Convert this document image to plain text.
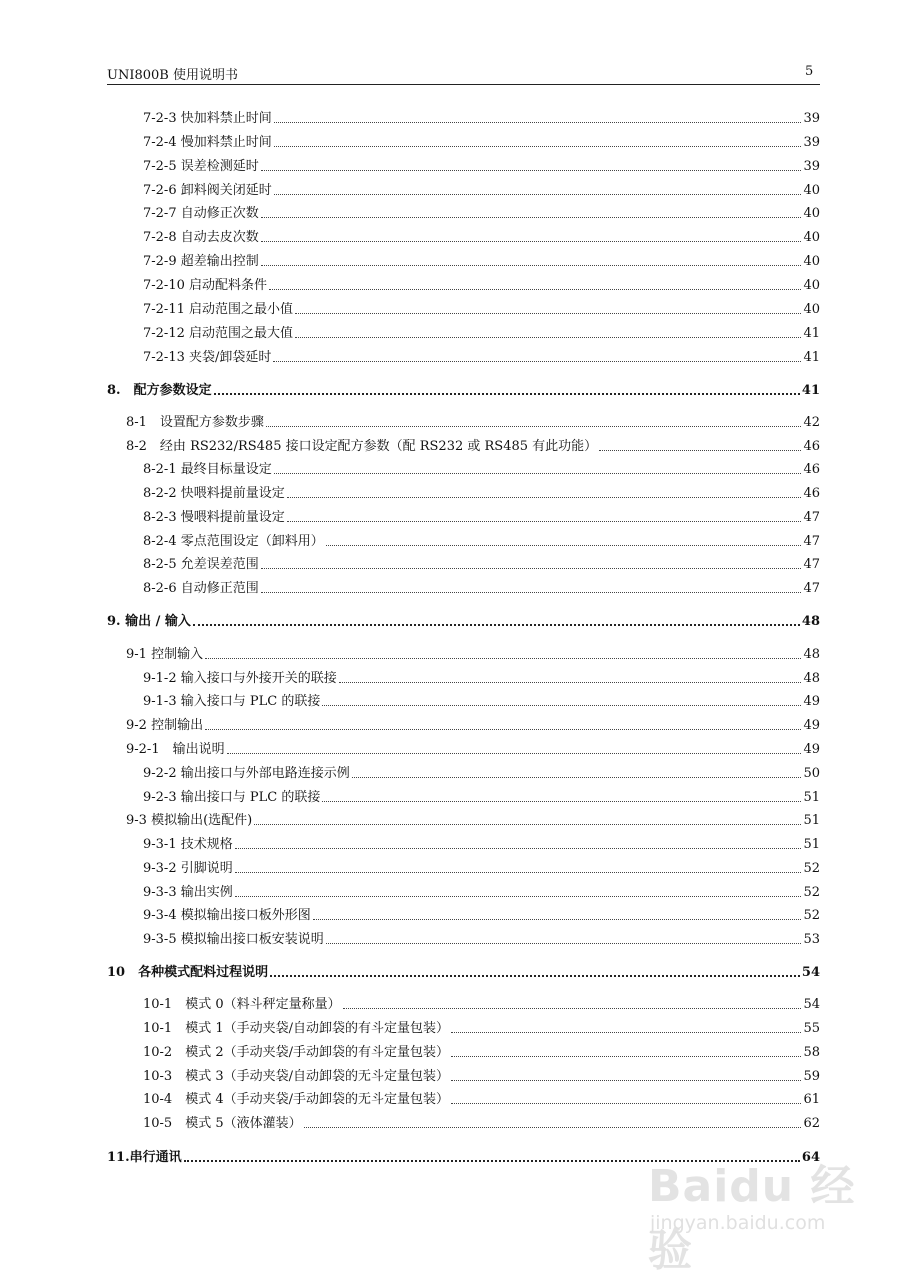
UNI800B 使用说明书	5
7-2-3 快加料禁止时间	39
7-2-4 慢加料禁止时间	39
7-2-5 误差检测延时	39
7-2-6 卸料阀关闭延时	40
7-2-7 自动修正次数	40
7-2-8 自动去皮次数	40
7-2-9 超差输出控制	40
7-2-10 启动配料条件	40
7-2-11 启动范围之最小值	40
7-2-12 启动范围之最大值	41
7-2-13 夹袋/卸袋延时	41
8.　配方参数设定	41
8-1　设置配方参数步骤	42
8-2　经由 RS232/RS485 接口设定配方参数（配 RS232 或 RS485 有此功能）	46
8-2-1 最终目标量设定	46
8-2-2 快喂料提前量设定	46
8-2-3 慢喂料提前量设定	47
8-2-4 零点范围设定（卸料用）	47
8-2-5 允差误差范围	47
8-2-6 自动修正范围	47
9. 输出 / 输入	48
9-1 控制输入	48
9-1-2 输入接口与外接开关的联接	48
9-1-3 输入接口与 PLC 的联接	49
9-2 控制输出	49
9-2-1　输出说明	49
9-2-2 输出接口与外部电路连接示例	50
9-2-3 输出接口与 PLC 的联接	51
9-3 模拟输出(选配件)	51
9-3-1 技术规格	51
9-3-2 引脚说明	52
9-3-3 输出实例	52
9-3-4 模拟输出接口板外形图	52
9-3-5 模拟输出接口板安装说明	53
10　各种模式配料过程说明	54
10-1　模式 0（料斗秤定量称量）	54
10-1　模式 1（手动夹袋/自动卸袋的有斗定量包装）	55
10-2　模式 2（手动夹袋/手动卸袋的有斗定量包装）	58
10-3　模式 3（手动夹袋/自动卸袋的无斗定量包装）	59
10-4　模式 4（手动夹袋/手动卸袋的无斗定量包装）	61
10-5　模式 5（液体灌装）	62
11.串行通讯	64
Baidu 经验
jingyan.baidu.com
